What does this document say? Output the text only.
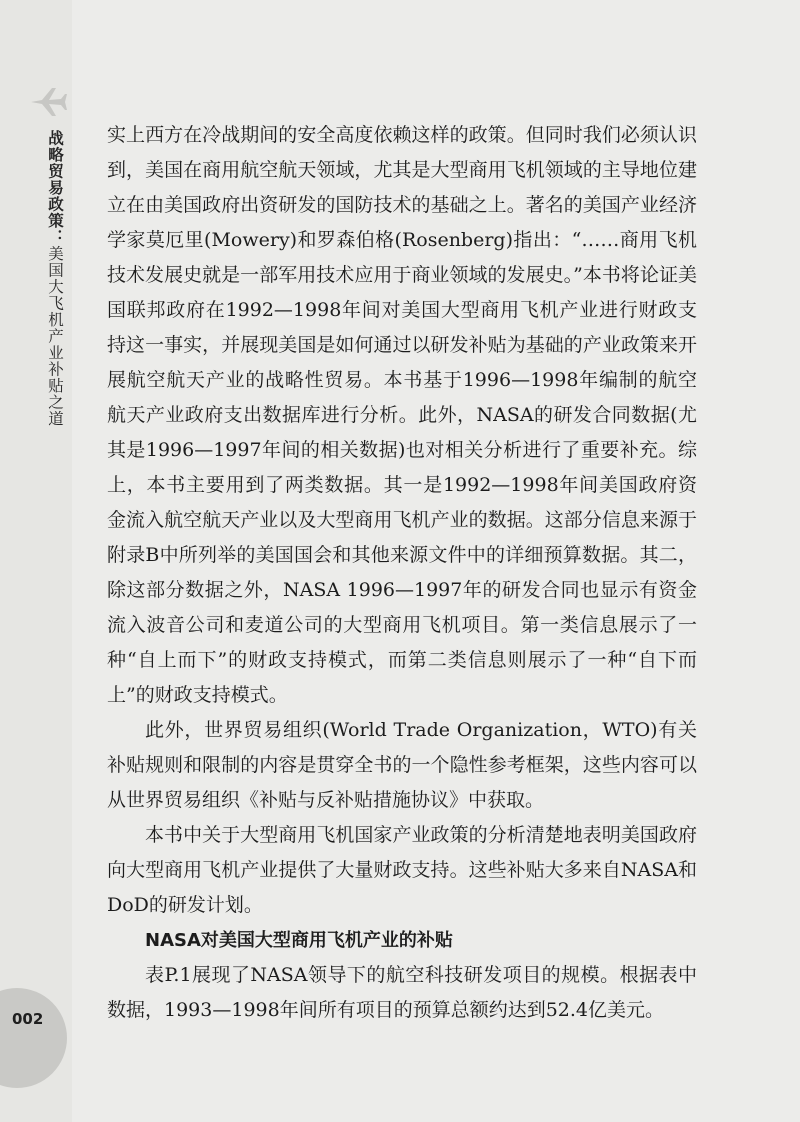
战略贸易政策：美国大飞机产业补贴之道
002

实上西方在冷战期间的安全高度依赖这样的政策。但同时我们必须认识到，美国在商用航空航天领域，尤其是大型商用飞机领域的主导地位建立在由美国政府出资研发的国防技术的基础之上。著名的美国产业经济学家莫厄里(Mowery)和罗森伯格(Rosenberg)指出：“……商用飞机技术发展史就是一部军用技术应用于商业领域的发展史。”本书将论证美国联邦政府在1992—1998年间对美国大型商用飞机产业进行财政支持这一事实，并展现美国是如何通过以研发补贴为基础的产业政策来开展航空航天产业的战略性贸易。本书基于1996—1998年编制的航空航天产业政府支出数据库进行分析。此外，NASA的研发合同数据(尤其是1996—1997年间的相关数据)也对相关分析进行了重要补充。综上，本书主要用到了两类数据。其一是1992—1998年间美国政府资金流入航空航天产业以及大型商用飞机产业的数据。这部分信息来源于附录B中所列举的美国国会和其他来源文件中的详细预算数据。其二，除这部分数据之外，NASA 1996—1997年的研发合同也显示有资金流入波音公司和麦道公司的大型商用飞机项目。第一类信息展示了一种“自上而下”的财政支持模式，而第二类信息则展示了一种“自下而上”的财政支持模式。

此外，世界贸易组织(World Trade Organization，WTO)有关补贴规则和限制的内容是贯穿全书的一个隐性参考框架，这些内容可以从世界贸易组织《补贴与反补贴措施协议》中获取。

本书中关于大型商用飞机国家产业政策的分析清楚地表明美国政府向大型商用飞机产业提供了大量财政支持。这些补贴大多来自NASA和DoD的研发计划。

NASA对美国大型商用飞机产业的补贴

表P.1展现了NASA领导下的航空科技研发项目的规模。根据表中数据，1993—1998年间所有项目的预算总额约达到52.4亿美元。
